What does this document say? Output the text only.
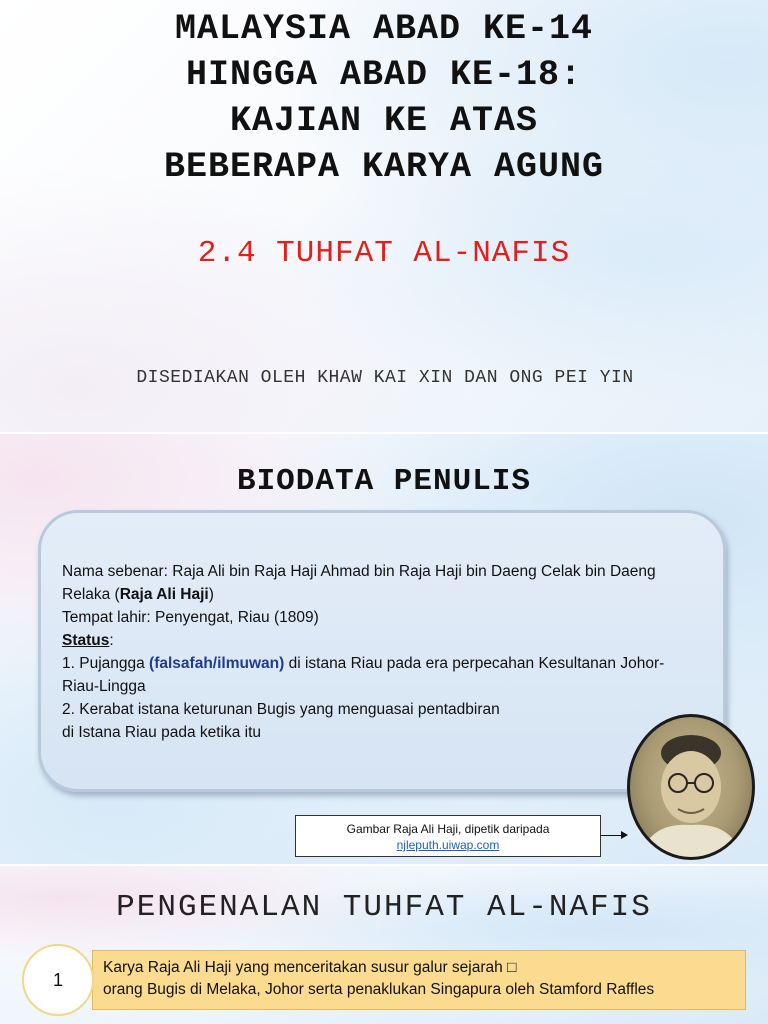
MALAYSIA ABAD KE-14
HINGGA ABAD KE-18:
KAJIAN KE ATAS
BEBERAPA KARYA AGUNG
2.4 TUHFAT AL-NAFIS
DISEDIAKAN OLEH KHAW KAI XIN DAN ONG PEI YIN
BIODATA PENULIS
Nama sebenar: Raja Ali bin Raja Haji Ahmad bin Raja Haji bin Daeng Celak bin Daeng Relaka (Raja Ali Haji)
Tempat lahir: Penyengat, Riau (1809)
Status:
1. Pujangga (falsafah/ilmuwan) di istana Riau pada era perpecahan Kesultanan Johor-Riau-Lingga
2. Kerabat istana keturunan Bugis yang menguasai pentadbiran
di Istana Riau pada ketika itu
Gambar Raja Ali Haji, dipetik daripada
njleputh.uiwap.com
PENGENALAN TUHFAT AL-NAFIS
Karya Raja Ali Haji yang menceritakan susur galur sejarah □
orang Bugis di Melaka, Johor serta penaklukan Singapura oleh Stamford Raffles
1
